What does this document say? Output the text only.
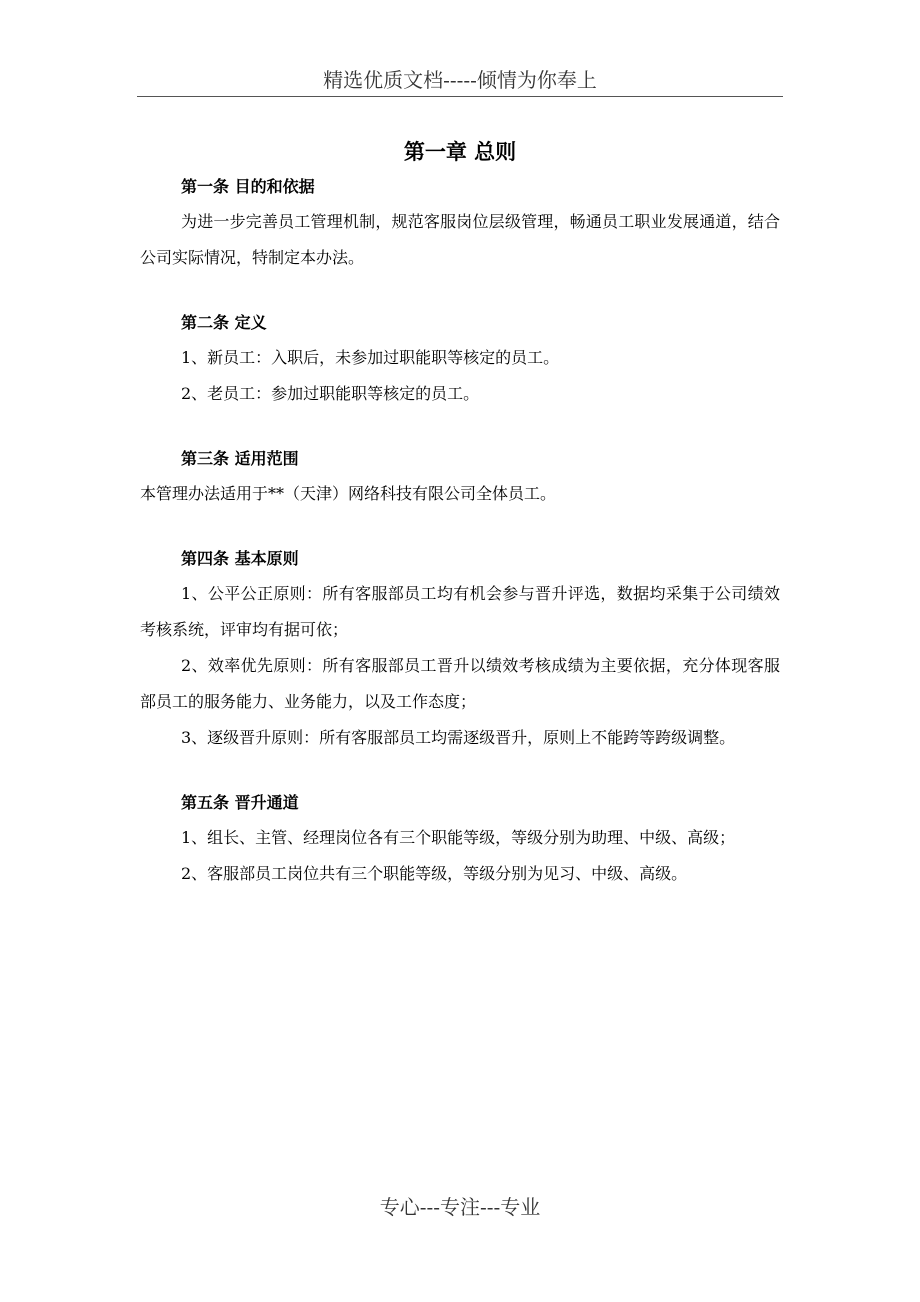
精选优质文档-----倾情为你奉上
第一章 总则
第一条 目的和依据

为进一步完善员工管理机制，规范客服岗位层级管理，畅通员工职业发展通道，结合公司实际情况，特制定本办法。

第二条 定义

1、新员工：入职后，未参加过职能职等核定的员工。

2、老员工：参加过职能职等核定的员工。

第三条 适用范围

本管理办法适用于**（天津）网络科技有限公司全体员工。

第四条 基本原则

1、公平公正原则：所有客服部员工均有机会参与晋升评选，数据均采集于公司绩效考核系统，评审均有据可依；

2、效率优先原则：所有客服部员工晋升以绩效考核成绩为主要依据，充分体现客服部员工的服务能力、业务能力，以及工作态度；

3、逐级晋升原则：所有客服部员工均需逐级晋升，原则上不能跨等跨级调整。

第五条 晋升通道

1、组长、主管、经理岗位各有三个职能等级，等级分别为助理、中级、高级；

2、客服部员工岗位共有三个职能等级，等级分别为见习、中级、高级。

专心---专注---专业
